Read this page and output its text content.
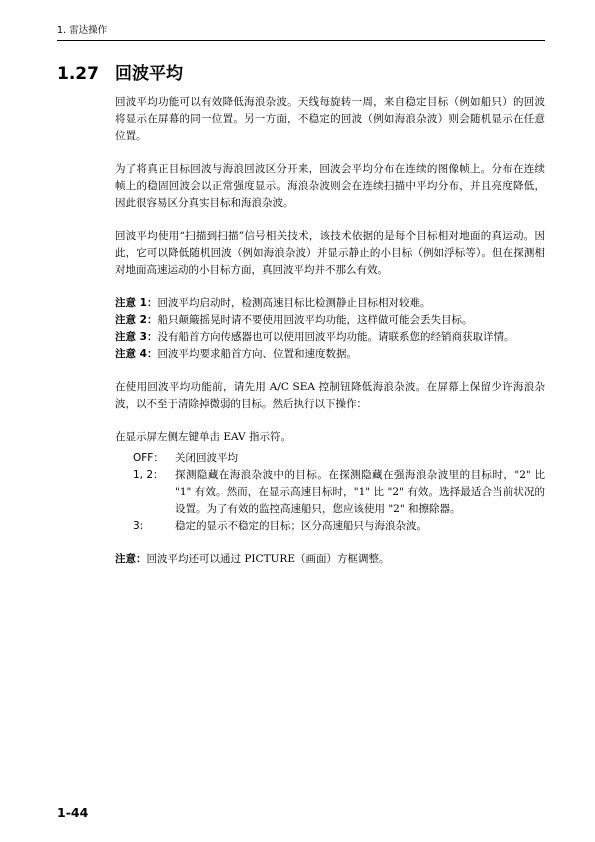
1. 雷达操作
1.27 回波平均

回波平均功能可以有效降低海浪杂波。天线每旋转一周，来自稳定目标（例如船只）的回波将显示在屏幕的同一位置。另一方面，不稳定的回波（例如海浪杂波）则会随机显示在任意位置。

为了将真正目标回波与海浪回波区分开来，回波会平均分布在连续的图像帧上。分布在连续帧上的稳固回波会以正常强度显示。海浪杂波则会在连续扫描中平均分布，并且亮度降低，因此很容易区分真实目标和海浪杂波。

回波平均使用“扫描到扫描”信号相关技术，该技术依据的是每个目标相对地面的真运动。因此，它可以降低随机回波（例如海浪杂波）并显示静止的小目标（例如浮标等）。但在探测相对地面高速运动的小目标方面，真回波平均并不那么有效。

注意 1：回波平均启动时，检测高速目标比检测静止目标相对较难。
注意 2：船只颠簸摇晃时请不要使用回波平均功能，这样做可能会丢失目标。
注意 3：没有船首方向传感器也可以使用回波平均功能。请联系您的经销商获取详情。
注意 4：回波平均要求船首方向、位置和速度数据。

在使用回波平均功能前，请先用 A/C SEA 控制钮降低海浪杂波。在屏幕上保留少许海浪杂波，以不至于清除掉微弱的目标。然后执行以下操作：

在显示屏左侧左键单击 EAV 指示符。

OFF：	关闭回波平均
1, 2：	探测隐藏在海浪杂波中的目标。在探测隐藏在强海浪杂波里的目标时，"2" 比 "1" 有效。然而，在显示高速目标时，"1" 比 "2" 有效。选择最适合当前状况的设置。为了有效的监控高速船只，您应该使用 "2" 和擦除器。
3:	稳定的显示不稳定的目标；区分高速船只与海浪杂波。

注意：回波平均还可以通过 PICTURE（画面）方框调整。

1-44
